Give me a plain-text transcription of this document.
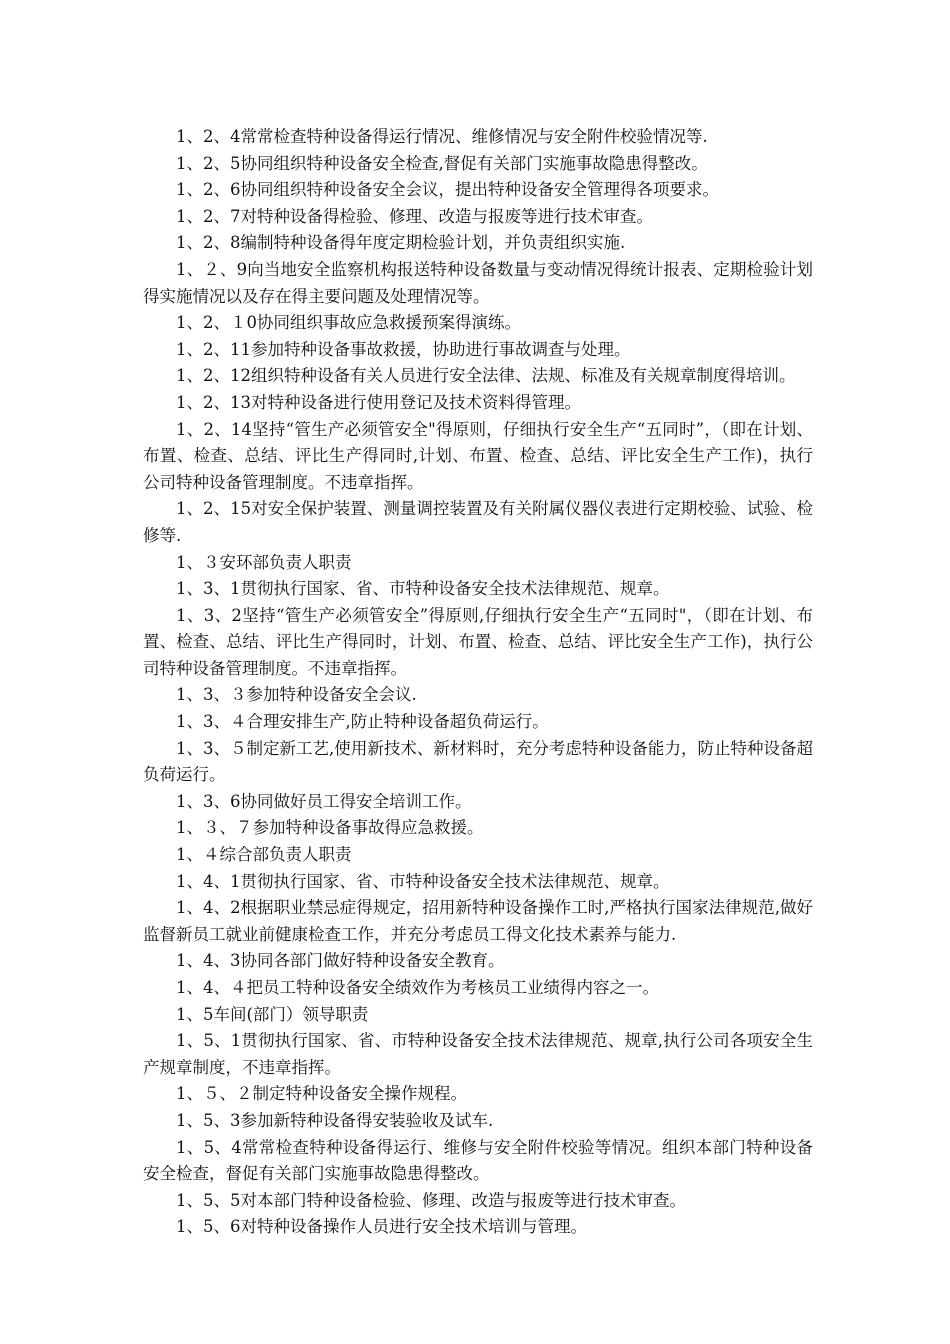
1、2、4常常检查特种设备得运行情况、维修情况与安全附件校验情况等.

1、2、5协同组织特种设备安全检查,督促有关部门实施事故隐患得整改。

1、2、6协同组织特种设备安全会议，提出特种设备安全管理得各项要求。

1、2、7对特种设备得检验、修理、改造与报废等进行技术审查。

1、2、8编制特种设备得年度定期检验计划，并负责组织实施.

1、２、9向当地安全监察机构报送特种设备数量与变动情况得统计报表、定期检验计划得实施情况以及存在得主要问题及处理情况等。

1、2、１0协同组织事故应急救援预案得演练。

1、2、11参加特种设备事故救援，协助进行事故调查与处理。

1、2、12组织特种设备有关人员进行安全法律、法规、标准及有关规章制度得培训。

1、2、13对特种设备进行使用登记及技术资料得管理。

1、2、14坚持“管生产必须管安全"得原则，仔细执行安全生产“五同时”，（即在计划、布置、检查、总结、评比生产得同时,计划、布置、检查、总结、评比安全生产工作)，执行公司特种设备管理制度。不违章指挥。

1、2、15对安全保护装置、测量调控装置及有关附属仪器仪表进行定期校验、试验、检修等.

1、３安环部负责人职责

1、3、1贯彻执行国家、省、市特种设备安全技术法律规范、规章。

1、3、2坚持“管生产必须管安全”得原则,仔细执行安全生产“五同时"，（即在计划、布置、检查、总结、评比生产得同时，计划、布置、检查、总结、评比安全生产工作)，执行公司特种设备管理制度。不违章指挥。

1、3、３参加特种设备安全会议.

1、3、４合理安排生产,防止特种设备超负荷运行。

1、3、５制定新工艺,使用新技术、新材料时，充分考虑特种设备能力，防止特种设备超负荷运行。

1、3、6协同做好员工得安全培训工作。

1、３、７参加特种设备事故得应急救援。

1、４综合部负责人职责

1、4、1贯彻执行国家、省、市特种设备安全技术法律规范、规章。

1、4、2根据职业禁忌症得规定，招用新特种设备操作工时,严格执行国家法律规范,做好监督新员工就业前健康检查工作，并充分考虑员工得文化技术素养与能力.

1、4、3协同各部门做好特种设备安全教育。

1、4、４把员工特种设备安全绩效作为考核员工业绩得内容之一。

1、5车间(部门）领导职责

1、5、1贯彻执行国家、省、市特种设备安全技术法律规范、规章,执行公司各项安全生产规章制度，不违章指挥。

1、５、２制定特种设备安全操作规程。

1、5、3参加新特种设备得安装验收及试车.

1、5、4常常检查特种设备得运行、维修与安全附件校验等情况。组织本部门特种设备安全检查，督促有关部门实施事故隐患得整改。

1、5、5对本部门特种设备检验、修理、改造与报废等进行技术审查。

1、5、6对特种设备操作人员进行安全技术培训与管理。
